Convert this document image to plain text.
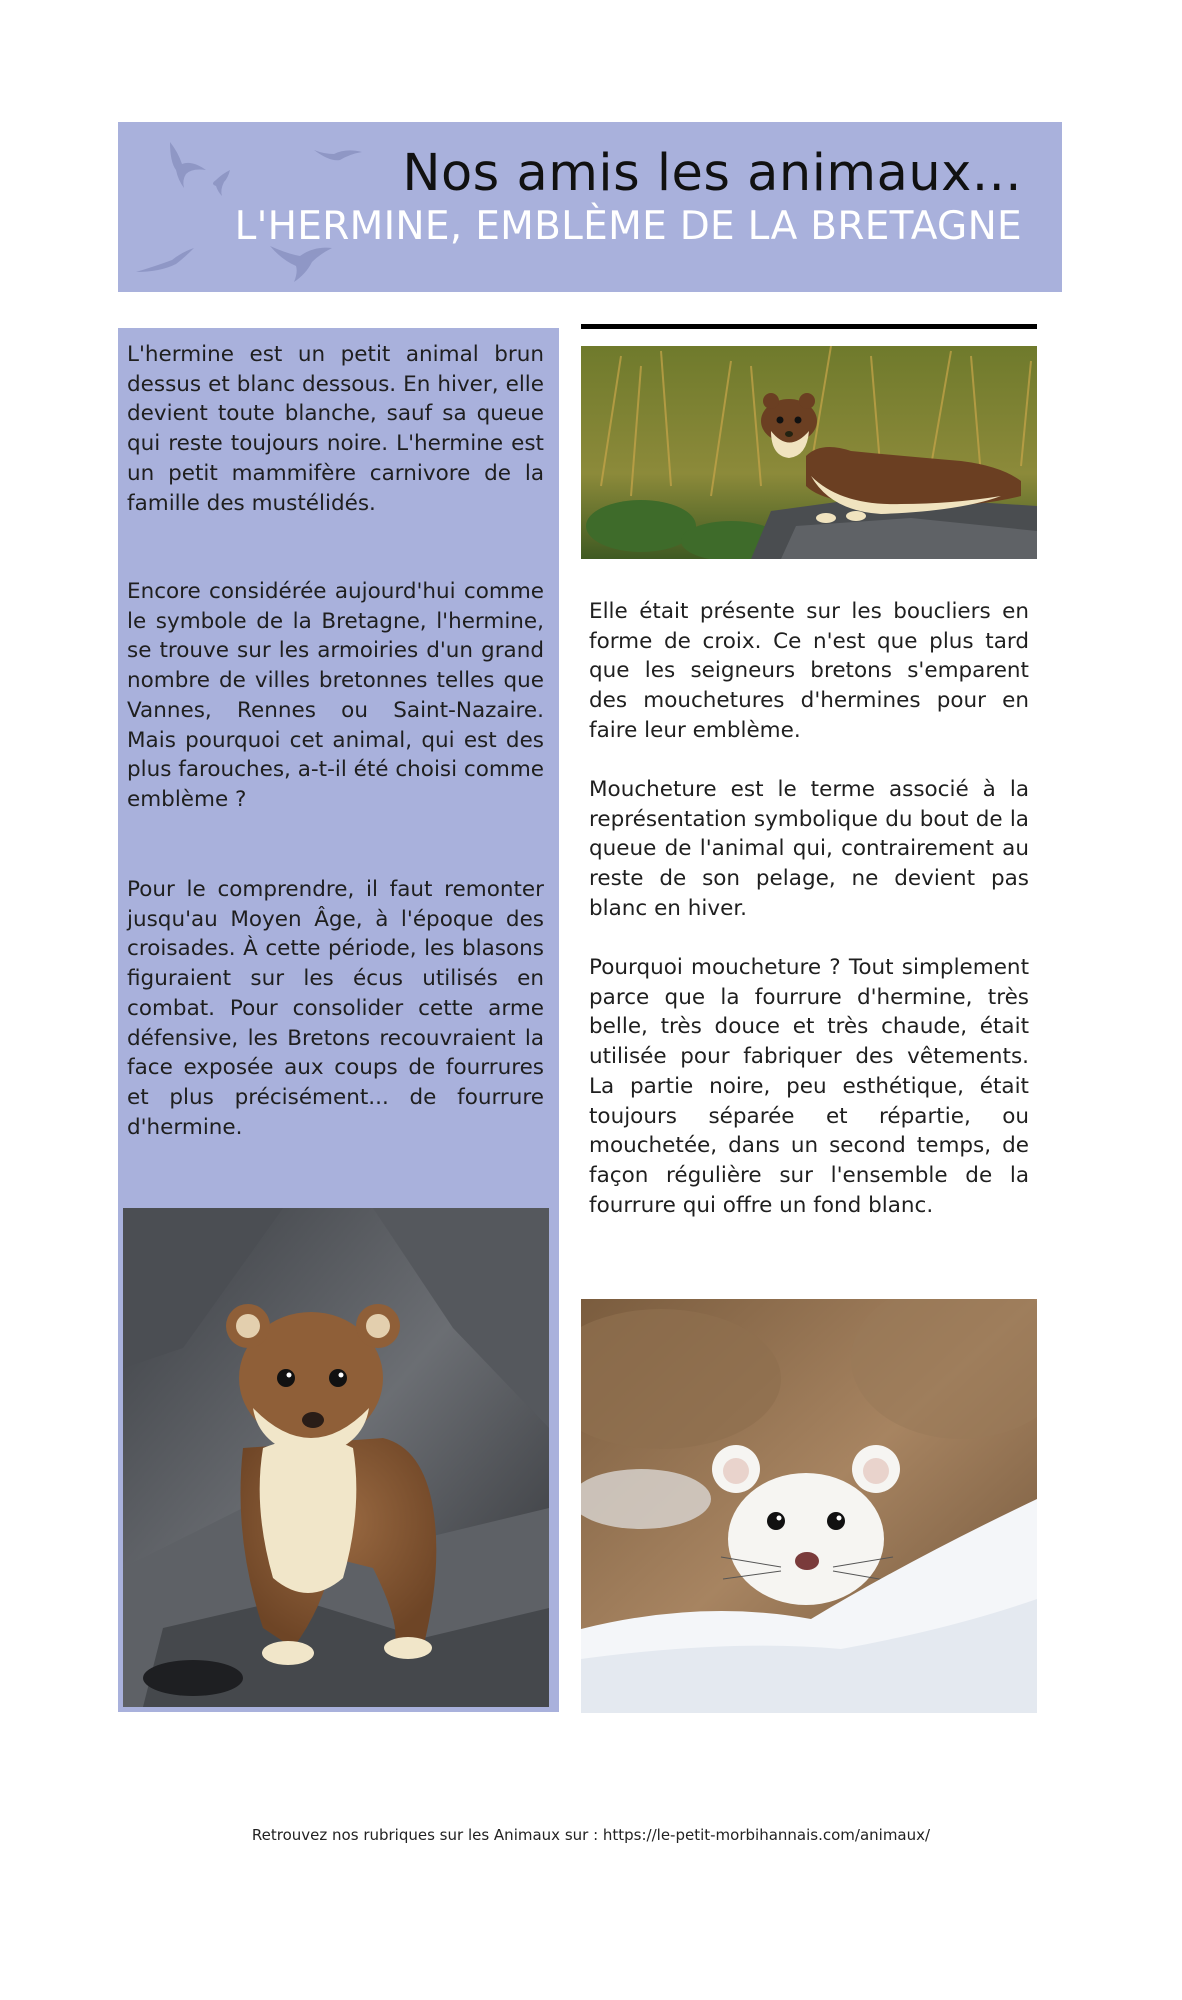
Nos amis les animaux...
L'HERMINE, EMBLÈME DE LA BRETAGNE

L'hermine est un petit animal brun dessus et blanc dessous. En hiver, elle devient toute blanche, sauf sa queue qui reste toujours noire. L'hermine est un petit mammifère carnivore de la famille des mustélidés.

Encore considérée aujourd'hui comme le symbole de la Bretagne, l'hermine, se trouve sur les armoiries d'un grand nombre de villes bretonnes telles que Vannes, Rennes ou Saint-Nazaire. Mais pourquoi cet animal, qui est des plus farouches, a-t-il été choisi comme emblème ?

Pour le comprendre, il faut remonter jusqu'au Moyen Âge, à l'époque des croisades. À cette période, les blasons figuraient sur les écus utilisés en combat. Pour consolider cette arme défensive, les Bretons recouvraient la face exposée aux coups de fourrures et plus précisément... de fourrure d'hermine.

Elle était présente sur les boucliers en forme de croix. Ce n'est que plus tard que les seigneurs bretons s'emparent des mouchetures d'hermines pour en faire leur emblème.

Moucheture est le terme associé à la représentation symbolique du bout de la queue de l'animal qui, contrairement au reste de son pelage, ne devient pas blanc en hiver.

Pourquoi moucheture ? Tout simplement parce que la fourrure d'hermine, très belle, très douce et très chaude, était utilisée pour fabriquer des vêtements. La partie noire, peu esthétique, était toujours séparée et répartie, ou mouchetée, dans un second temps, de façon régulière sur l'ensemble de la fourrure qui offre un fond blanc.

Retrouvez nos rubriques sur les Animaux sur : https://le-petit-morbihannais.com/animaux/
